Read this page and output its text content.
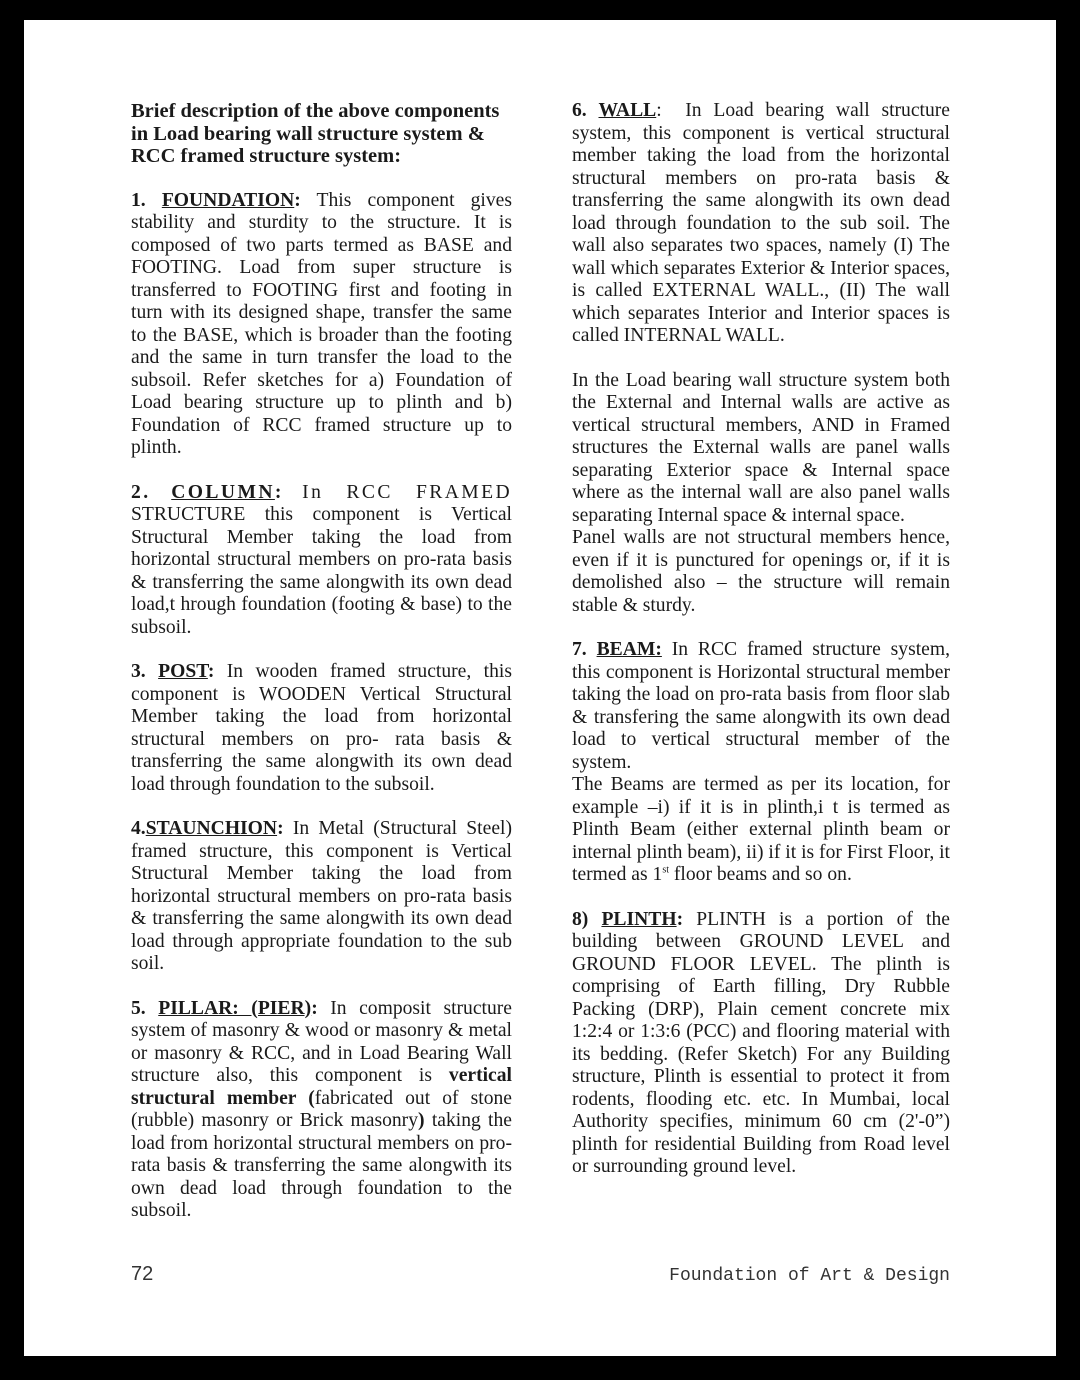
Brief description of the above components in Load bearing wall structure system & RCC framed structure system:

1. FOUNDATION: This component gives stability and sturdity to the structure. It is composed of two parts termed as BASE and FOOTING. Load from super structure is transferred to FOOTING first and footing in turn with its designed shape, transfer the same to the BASE, which is broader than the footing and the same in turn transfer the load to the subsoil. Refer sketches for a) Foundation of Load bearing structure up to plinth and b) Foundation of RCC framed structure up to plinth.

2. COLUMN: In RCC FRAMED STRUCTURE this component is Vertical Structural Member taking the load from horizontal structural members on pro-rata basis & transferring the same alongwith its own dead load,t hrough foundation (footing & base) to the subsoil.

3. POST: In wooden framed structure, this component is WOODEN Vertical Structural Member taking the load from horizontal structural members on pro- rata basis & transferring the same alongwith its own dead load through foundation to the subsoil.

4.STAUNCHION: In Metal (Structural Steel) framed structure, this component is Vertical Structural Member taking the load from horizontal structural members on pro-rata basis & transferring the same alongwith its own dead load through appropriate foundation to the sub soil.

5. PILLAR: (PIER): In composit structure system of masonry & wood or masonry & metal or masonry & RCC, and in Load Bearing Wall structure also, this component is vertical structural member (fabricated out of stone (rubble) masonry or Brick masonry) taking the load from horizontal structural members on pro- rata basis & transferring the same alongwith its own dead load through foundation to the subsoil.

6. WALL: In Load bearing wall structure system, this component is vertical structural member taking the load from the horizontal structural members on pro-rata basis & transferring the same alongwith its own dead load through foundation to the sub soil. The wall also separates two spaces, namely (I) The wall which separates Exterior & Interior spaces, is called EXTERNAL WALL., (II) The wall which separates Interior and Interior spaces is called INTERNAL WALL.

In the Load bearing wall structure system both the External and Internal walls are active as vertical structural members, AND in Framed structures the External walls are panel walls separating Exterior space & Internal space where as the internal wall are also panel walls separating Internal space & internal space.

Panel walls are not structural members hence, even if it is punctured for openings or, if it is demolished also – the structure will remain stable & sturdy.

7. BEAM: In RCC framed structure system, this component is Horizontal structural member taking the load on pro-rata basis from floor slab & transfering the same alongwith its own dead load to vertical structural member of the system.

The Beams are termed as per its location, for example –i) if it is in plinth,i t is termed as Plinth Beam (either external plinth beam or internal plinth beam), ii) if it is for First Floor, it termed as 1st floor beams and so on.

8) PLINTH: PLINTH is a portion of the building between GROUND LEVEL and GROUND FLOOR LEVEL. The plinth is comprising of Earth filling, Dry Rubble Packing (DRP), Plain cement concrete mix 1:2:4 or 1:3:6 (PCC) and flooring material with its bedding. (Refer Sketch) For any Building structure, Plinth is essential to protect it from rodents, flooding etc. etc. In Mumbai, local Authority specifies, minimum 60 cm (2'-0”) plinth for residential Building from Road level or surrounding ground level.

72	Foundation of Art & Design
